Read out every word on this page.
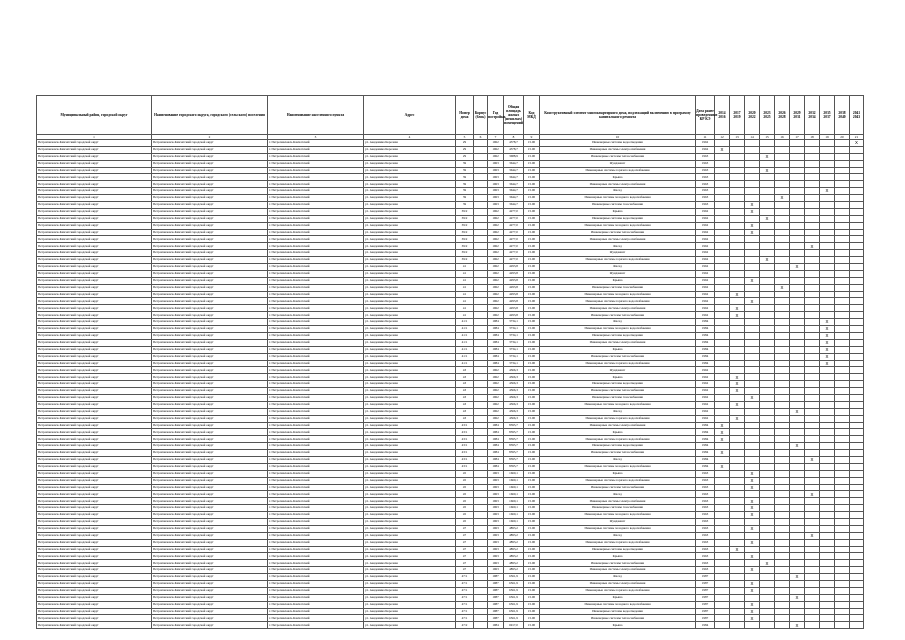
Муниципальный район, городской округ	Наименование городского округа, городского (сельского) поселения	Наименование населенного пункта	Адрес	Номер дома	Корпус (блок)	Год постройки	Общая площадь жилых (нежилых) помещений	Код МКД	Конструктивный элемент многоквартирного дома, подлежащий включению в программу капитального ремонта	Дата ранее проведенных КР КЭ	2014 2016	2017 2019	2020 2022	2023 2025	2026 2028	2029 2031	2032 2034	2035 2037	2038 2040	2041 2043
1	2	3	4	5	6	7	8	9	10	11	12	13	14	15	16	17	18	19	20	21
Петропавловск-Камчатский городской округ	Петропавловск-Камчатский городской округ	г. Петропавловск-Камчатский	ул. Академика Королева	29		1962	4378,7	15.00	Инженерные системы водоотведения	1962										X
Петропавловск-Камчатский городской округ	Петропавловск-Камчатский городской округ	г. Петропавловск-Камчатский	ул. Академика Королева	29		1962	4378,7	15.00	Инженерные системы электроснабжения	1962	X									
Петропавловск-Камчатский городской округ	Петропавловск-Камчатский городской округ	г. Петропавловск-Камчатский	ул. Академика Королева	29		1962	3688,9	15.00	Инженерные системы теплоснабжения	1963				X						
Петропавловск-Камчатский городской округ	Петропавловск-Камчатский городской округ	г. Петропавловск-Камчатский	ул. Академика Королева	39		1963	3644,7	15.00	Фундамент	1963										
Петропавловск-Камчатский городской округ	Петропавловск-Камчатский городской округ	г. Петропавловск-Камчатский	ул. Академика Королева	39		1963	3644,7	15.00	Инженерные системы горячего водоснабжения	1963				X						
Петропавловск-Камчатский городской округ	Петропавловск-Камчатский городской округ	г. Петропавловск-Камчатский	ул. Академика Королева	39		1963	3644,7	15.00	Крыша	1963										
Петропавловск-Камчатский городской округ	Петропавловск-Камчатский городской округ	г. Петропавловск-Камчатский	ул. Академика Королева	39		1963	3644,7	15.00	Инженерные системы электроснабжения	1963										
Петропавловск-Камчатский городской округ	Петропавловск-Камчатский городской округ	г. Петропавловск-Камчатский	ул. Академика Королева	39		1963	3644,7	15.00	Фасад	1963								X		
Петропавловск-Камчатский городской округ	Петропавловск-Камчатский городской округ	г. Петропавловск-Камчатский	ул. Академика Королева	39		1963	3644,7	15.00	Инженерные системы холодного водоснабжения	1963					X					
Петропавловск-Камчатский городской округ	Петропавловск-Камчатский городской округ	г. Петропавловск-Камчатский	ул. Академика Королева	39		1963	3644,7	15.00	Инженерные системы газоснабжения	1963			X							
Петропавловск-Камчатский городской округ	Петропавловск-Камчатский городской округ	г. Петропавловск-Камчатский	ул. Академика Королева	39/2		1962	4277,0	15.00	Крыша	1962			X							
Петропавловск-Камчатский городской округ	Петропавловск-Камчатский городской округ	г. Петропавловск-Камчатский	ул. Академика Королева	39/2		1962	4277,0	15.00	Инженерные системы водоотведения	1962				X						
Петропавловск-Камчатский городской округ	Петропавловск-Камчатский городской округ	г. Петропавловск-Камчатский	ул. Академика Королева	39/2		1962	4277,0	15.00	Инженерные системы холодного водоснабжения	1962			X							
Петропавловск-Камчатский городской округ	Петропавловск-Камчатский городской округ	г. Петропавловск-Камчатский	ул. Академика Королева	39/2		1962	4277,0	15.00	Инженерные системы теплоснабжения	1962			X							
Петропавловск-Камчатский городской округ	Петропавловск-Камчатский городской округ	г. Петропавловск-Камчатский	ул. Академика Королева	39/2		1962	4277,0	15.00	Инженерные системы электроснабжения	1962										
Петропавловск-Камчатский городской округ	Петропавловск-Камчатский городской округ	г. Петропавловск-Камчатский	ул. Академика Королева	39/2		1962	4277,0	15.00	Фасад	1962							X			
Петропавловск-Камчатский городской округ	Петропавловск-Камчатский городской округ	г. Петропавловск-Камчатский	ул. Академика Королева	39/2		1962	4277,0	15.00	Фундамент	1962										
Петропавловск-Камчатский городской округ	Петропавловск-Камчатский городской округ	г. Петропавловск-Камчатский	ул. Академика Королева	39/2		1962	4277,0	15.00	Инженерные системы горячего водоснабжения	1962				X						
Петропавловск-Камчатский городской округ	Петропавловск-Камчатский городской округ	г. Петропавловск-Камчатский	ул. Академика Королева	41		1962	4293,8	15.00	Фасад	1962						X				
Петропавловск-Камчатский городской округ	Петропавловск-Камчатский городской округ	г. Петропавловск-Камчатский	ул. Академика Королева	41		1962	4293,8	15.00	Фундамент	1962										
Петропавловск-Камчатский городской округ	Петропавловск-Камчатский городской округ	г. Петропавловск-Камчатский	ул. Академика Королева	41		1962	4293,8	15.00	Крыша	1962			X							
Петропавловск-Камчатский городской округ	Петропавловск-Камчатский городской округ	г. Петропавловск-Камчатский	ул. Академика Королева	41		1962	4293,8	15.00	Инженерные системы газоснабжения	1962					X					
Петропавловск-Камчатский городской округ	Петропавловск-Камчатский городской округ	г. Петропавловск-Камчатский	ул. Академика Королева	41		1962	4293,8	15.00	Инженерные системы холодного водоснабжения	1962		X								
Петропавловск-Камчатский городской округ	Петропавловск-Камчатский городской округ	г. Петропавловск-Камчатский	ул. Академика Королева	41		1962	4293,8	15.00	Инженерные системы горячего водоснабжения	1962			X							
Петропавловск-Камчатский городской округ	Петропавловск-Камчатский городской округ	г. Петропавловск-Камчатский	ул. Академика Королева	41		1962	4293,8	15.00	Инженерные системы электроснабжения	1962		X								
Петропавловск-Камчатский городской округ	Петропавловск-Камчатский городской округ	г. Петропавловск-Камчатский	ул. Академика Королева	41		1962	4293,8	15.00	Инженерные системы теплоснабжения	1962		X								
Петропавловск-Камчатский городской округ	Петропавловск-Камчатский городской округ	г. Петропавловск-Камчатский	ул. Академика Королева	41/1		1984	3734,1	15.00	Фасад	1984								X		
Петропавловск-Камчатский городской округ	Петропавловск-Камчатский городской округ	г. Петропавловск-Камчатский	ул. Академика Королева	41/1		1984	3734,1	15.00	Инженерные системы холодного водоснабжения	1984								X		
Петропавловск-Камчатский городской округ	Петропавловск-Камчатский городской округ	г. Петропавловск-Камчатский	ул. Академика Королева	41/1		1984	3734,1	15.00	Инженерные системы водоотведения	1984								X		
Петропавловск-Камчатский городской округ	Петропавловск-Камчатский городской округ	г. Петропавловск-Камчатский	ул. Академика Королева	41/1		1984	3734,1	15.00	Инженерные системы электроснабжения	1984								X		
Петропавловск-Камчатский городской округ	Петропавловск-Камчатский городской округ	г. Петропавловск-Камчатский	ул. Академика Королева	41/1		1984	3734,1	15.00	Крыша	1984								X		
Петропавловск-Камчатский городской округ	Петропавловск-Камчатский городской округ	г. Петропавловск-Камчатский	ул. Академика Королева	41/1		1984	3734,1	15.00	Инженерные системы теплоснабжения	1984								X		
Петропавловск-Камчатский городской округ	Петропавловск-Камчатский городской округ	г. Петропавловск-Камчатский	ул. Академика Королева	41/1		1984	3734,1	15.00	Инженерные системы горячего водоснабжения	1984								X		
Петропавловск-Камчатский городской округ	Петропавловск-Камчатский городской округ	г. Петропавловск-Камчатский	ул. Академика Королева	43		1962	4366,3	15.00	Фундамент	1962										
Петропавловск-Камчатский городской округ	Петропавловск-Камчатский городской округ	г. Петропавловск-Камчатский	ул. Академика Королева	43		1962	4366,3	15.00	Крыша	1962		X								
Петропавловск-Камчатский городской округ	Петропавловск-Камчатский городской округ	г. Петропавловск-Камчатский	ул. Академика Королева	43		1962	4366,3	15.00	Инженерные системы водоотведения	1962		X								
Петропавловск-Камчатский городской округ	Петропавловск-Камчатский городской округ	г. Петропавловск-Камчатский	ул. Академика Королева	43		1962	4366,3	15.00	Инженерные системы теплоснабжения	1962		X								
Петропавловск-Камчатский городской округ	Петропавловск-Камчатский городской округ	г. Петропавловск-Камчатский	ул. Академика Королева	43		1962	4366,3	15.00	Инженерные системы газоснабжения	1962			X							
Петропавловск-Камчатский городской округ	Петропавловск-Камчатский городской округ	г. Петропавловск-Камчатский	ул. Академика Королева	43		1962	4366,3	15.00	Инженерные системы холодного водоснабжения	1962		X								
Петропавловск-Камчатский городской округ	Петропавловск-Камчатский городской округ	г. Петропавловск-Камчатский	ул. Академика Королева	43		1962	4366,3	15.00	Фасад	1962						X				
Петропавловск-Камчатский городской округ	Петропавловск-Камчатский городской округ	г. Петропавловск-Камчатский	ул. Академика Королева	43		1962	4366,3	15.00	Инженерные системы горячего водоснабжения	1962		X								
Петропавловск-Камчатский городской округ	Петропавловск-Камчатский городской округ	г. Петропавловск-Камчатский	ул. Академика Королева	43/1		1984	8395,7	15.00	Инженерные системы электроснабжения	1984	X									
Петропавловск-Камчатский городской округ	Петропавловск-Камчатский городской округ	г. Петропавловск-Камчатский	ул. Академика Королева	43/1		1984	8395,7	15.00	Крыша	1984	X									
Петропавловск-Камчатский городской округ	Петропавловск-Камчатский городской округ	г. Петропавловск-Камчатский	ул. Академика Королева	43/1		1984	8395,7	15.00	Инженерные системы горячего водоснабжения	1984	X									
Петропавловск-Камчатский городской округ	Петропавловск-Камчатский городской округ	г. Петропавловск-Камчатский	ул. Академика Королева	43/1		1984	8395,7	15.00	Инженерные системы водоотведения	1984						X				
Петропавловск-Камчатский городской округ	Петропавловск-Камчатский городской округ	г. Петропавловск-Камчатский	ул. Академика Королева	43/1		1984	8395,7	15.00	Инженерные системы теплоснабжения	1984	X									
Петропавловск-Камчатский городской округ	Петропавловск-Камчатский городской округ	г. Петропавловск-Камчатский	ул. Академика Королева	43/1		1984	8395,7	15.00	Фасад	1984							X			
Петропавловск-Камчатский городской округ	Петропавловск-Камчатский городской округ	г. Петропавловск-Камчатский	ул. Академика Королева	43/1		1984	8395,7	15.00	Инженерные системы холодного водоснабжения	1984	X									
Петропавловск-Камчатский городской округ	Петропавловск-Камчатский городской округ	г. Петропавловск-Камчатский	ул. Академика Королева	45		1963	1660,1	15.00	Крыша	1963			X							
Петропавловск-Камчатский городской округ	Петропавловск-Камчатский городской округ	г. Петропавловск-Камчатский	ул. Академика Королева	45		1963	1660,1	15.00	Инженерные системы горячего водоснабжения	1963			X							
Петропавловск-Камчатский городской округ	Петропавловск-Камчатский городской округ	г. Петропавловск-Камчатский	ул. Академика Королева	45		1963	1660,1	15.00	Инженерные системы теплоснабжения	1963			X							
Петропавловск-Камчатский городской округ	Петропавловск-Камчатский городской округ	г. Петропавловск-Камчатский	ул. Академика Королева	45		1963	1660,1	15.00	Фасад	1963							X			
Петропавловск-Камчатский городской округ	Петропавловск-Камчатский городской округ	г. Петропавловск-Камчатский	ул. Академика Королева	45		1963	1660,1	15.00	Инженерные системы электроснабжения	1963			X							
Петропавловск-Камчатский городской округ	Петропавловск-Камчатский городской округ	г. Петропавловск-Камчатский	ул. Академика Королева	45		1963	1660,1	15.00	Инженерные системы газоснабжения	1963			X							
Петропавловск-Камчатский городской округ	Петропавловск-Камчатский городской округ	г. Петропавловск-Камчатский	ул. Академика Королева	45		1963	1660,1	15.00	Инженерные системы холодного водоснабжения	1963			X							
Петропавловск-Камчатский городской округ	Петропавловск-Камчатский городской округ	г. Петропавловск-Камчатский	ул. Академика Королева	45		1963	1660,1	15.00	Фундамент	1963										
Петропавловск-Камчатский городской округ	Петропавловск-Камчатский городской округ	г. Петропавловск-Камчатский	ул. Академика Королева	47		1963	4893,2	15.00	Инженерные системы холодного водоснабжения	1963			X							
Петропавловск-Камчатский городской округ	Петропавловск-Камчатский городской округ	г. Петропавловск-Камчатский	ул. Академика Королева	47		1963	4893,2	15.00	Фасад	1963							X			
Петропавловск-Камчатский городской округ	Петропавловск-Камчатский городской округ	г. Петропавловск-Камчатский	ул. Академика Королева	47		1963	4893,2	15.00	Инженерные системы горячего водоснабжения	1963			X							
Петропавловск-Камчатский городской округ	Петропавловск-Камчатский городской округ	г. Петропавловск-Камчатский	ул. Академика Королева	47		1963	4893,2	15.00	Инженерные системы водоотведения	1963		X								
Петропавловск-Камчатский городской округ	Петропавловск-Камчатский городской округ	г. Петропавловск-Камчатский	ул. Академика Королева	47		1963	4893,2	15.00	Крыша	1963			X							
Петропавловск-Камчатский городской округ	Петропавловск-Камчатский городской округ	г. Петропавловск-Камчатский	ул. Академика Королева	47		1963	4893,2	15.00	Инженерные системы теплоснабжения	1963				X						
Петропавловск-Камчатский городской округ	Петропавловск-Камчатский городской округ	г. Петропавловск-Камчатский	ул. Академика Королева	47		1963	4893,2	15.00	Инженерные системы электроснабжения	1963			X							
Петропавловск-Камчатский городской округ	Петропавловск-Камчатский городской округ	г. Петропавловск-Камчатский	ул. Академика Королева	47/1		1987	6561,9	15.00	Фасад	1987						X				
Петропавловск-Камчатский городской округ	Петропавловск-Камчатский городской округ	г. Петропавловск-Камчатский	ул. Академика Королева	47/1		1987	6561,9	15.00	Инженерные системы электроснабжения	1987			X							
Петропавловск-Камчатский городской округ	Петропавловск-Камчатский городской округ	г. Петропавловск-Камчатский	ул. Академика Королева	47/1		1987	6561,9	15.00	Инженерные системы горячего водоснабжения	1987			X							
Петропавловск-Камчатский городской округ	Петропавловск-Камчатский городской округ	г. Петропавловск-Камчатский	ул. Академика Королева	47/1		1987	6561,9	15.00	Крыша	1987						X				
Петропавловск-Камчатский городской округ	Петропавловск-Камчатский городской округ	г. Петропавловск-Камчатский	ул. Академика Королева	47/1		1987	6561,9	15.00	Инженерные системы холодного водоснабжения	1987			X							
Петропавловск-Камчатский городской округ	Петропавловск-Камчатский городской округ	г. Петропавловск-Камчатский	ул. Академика Королева	47/1		1987	6561,9	15.00	Инженерные системы водоотведения	1987			X							
Петропавловск-Камчатский городской округ	Петропавловск-Камчатский городской округ	г. Петропавловск-Камчатский	ул. Академика Королева	47/1		1987	6561,9	15.00	Инженерные системы теплоснабжения	1987			X							
Петропавловск-Камчатский городской округ	Петропавловск-Камчатский городской округ	г. Петропавловск-Камчатский	ул. Академика Королева	47/2		1984	6917,0	15.00	Крыша	1984						X				
